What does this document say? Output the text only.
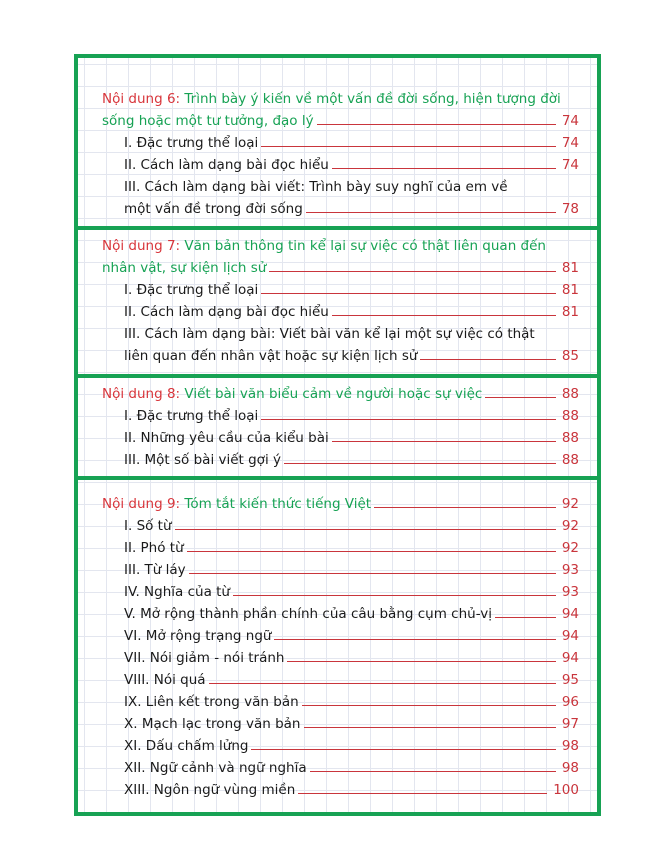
Nội dung 6: Trình bày ý kiến về một vấn đề đời sống, hiện tượng đời
sống hoặc một tư tưởng, đạo lý	74
I. Đặc trưng thể loại	74
II. Cách làm dạng bài đọc hiểu	74
III. Cách làm dạng bài viết: Trình bày suy nghĩ của em về
một vấn đề trong đời sống	78
Nội dung 7: Văn bản thông tin kể lại sự việc có thật liên quan đến
nhân vật, sự kiện lịch sử	81
I. Đặc trưng thể loại	81
II. Cách làm dạng bài đọc hiểu	81
III. Cách làm dạng bài: Viết bài văn kể lại một sự việc có thật
liên quan đến nhân vật hoặc sự kiện lịch sử	85
Nội dung 8: Viết bài văn biểu cảm về người hoặc sự việc	88
I. Đặc trưng thể loại	88
II. Những yêu cầu của kiểu bài	88
III. Một số bài viết gợi ý	88
Nội dung 9: Tóm tắt kiến thức tiếng Việt	92
I. Số từ	92
II. Phó từ	92
III. Từ láy	93
IV. Nghĩa của từ	93
V. Mở rộng thành phần chính của câu bằng cụm chủ-vị	94
VI. Mở rộng trạng ngữ	94
VII. Nói giảm - nói tránh	94
VIII. Nói quá	95
IX. Liên kết trong văn bản	96
X. Mạch lạc trong văn bản	97
XI. Dấu chấm lửng	98
XII. Ngữ cảnh và ngữ nghĩa	98
XIII. Ngôn ngữ vùng miền	100
